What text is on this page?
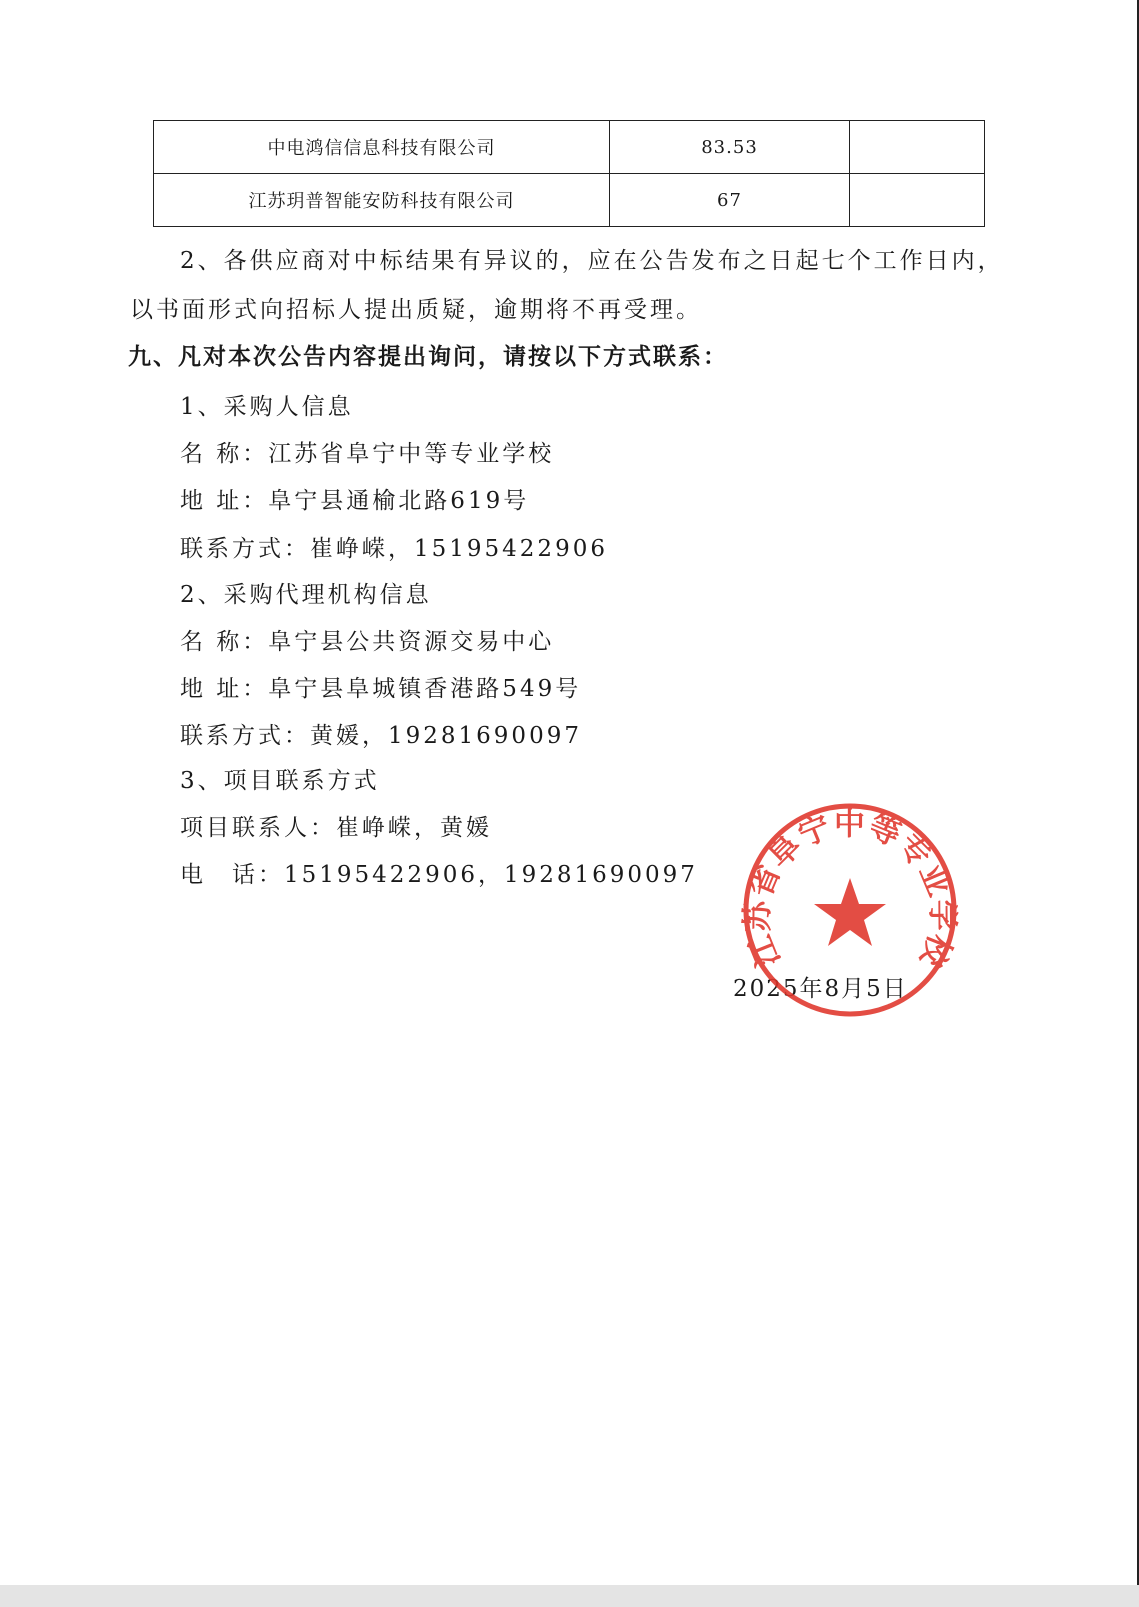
中电鸿信信息科技有限公司	83.53	
江苏玥普智能安防科技有限公司	67	
2、各供应商对中标结果有异议的，应在公告发布之日起七个工作日内，
以书面形式向招标人提出质疑，逾期将不再受理。
九、凡对本次公告内容提出询问，请按以下方式联系：
1、采购人信息
名 称：江苏省阜宁中等专业学校
地 址：阜宁县通榆北路619号
联系方式：崔峥嵘，15195422906
2、采购代理机构信息
名 称：阜宁县公共资源交易中心
地 址：阜宁县阜城镇香港路549号
联系方式：黄媛，19281690097
3、项目联系方式
项目联系人：崔峥嵘，黄媛
电　话：15195422906，19281690097
2025年8月5日
江苏省阜宁中等专业学校
